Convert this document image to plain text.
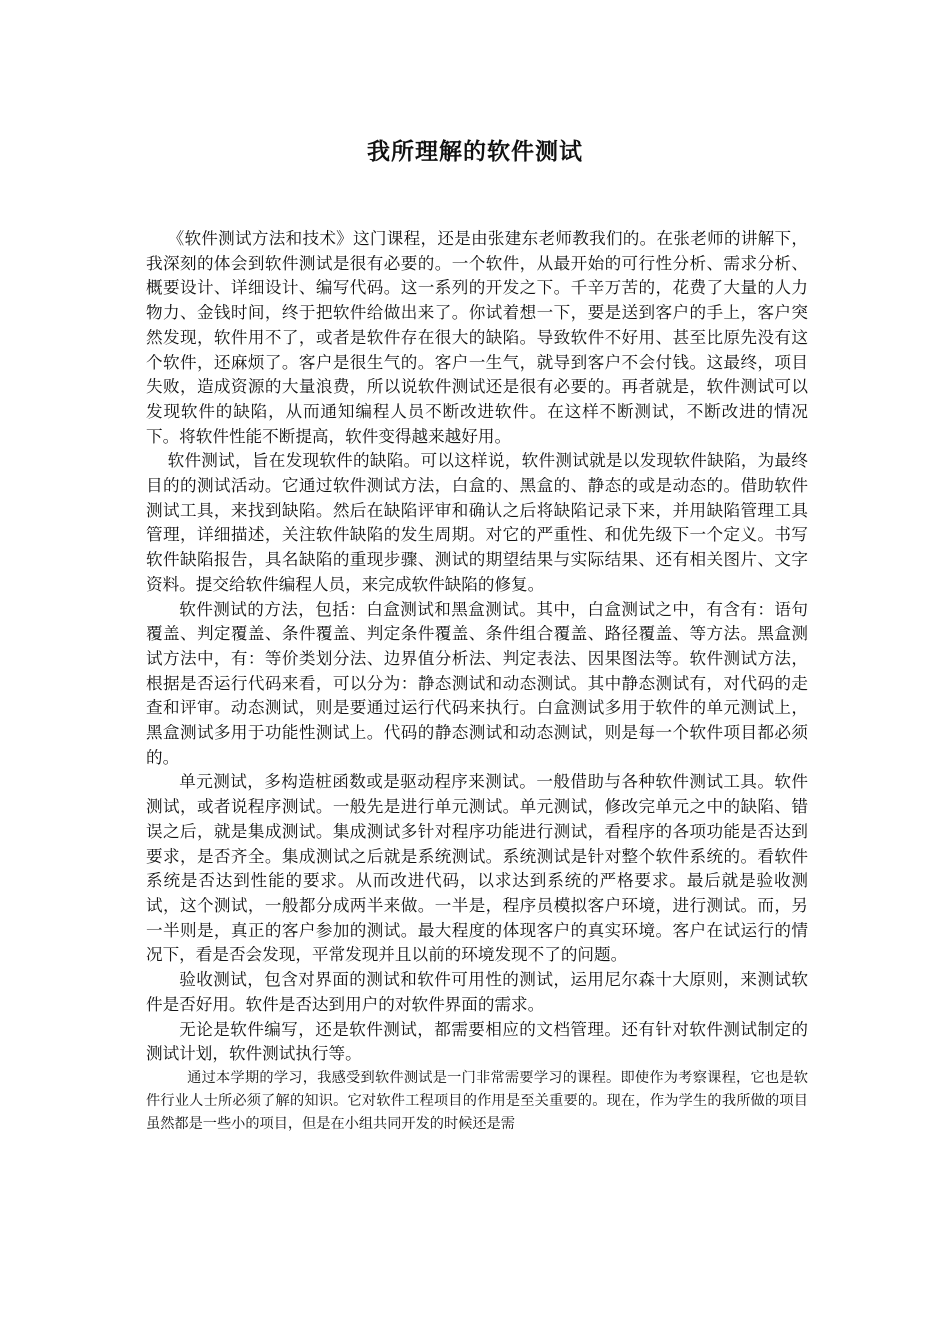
我所理解的软件测试

《软件测试方法和技术》这门课程，还是由张建东老师教我们的。在张老师的讲解下，我深刻的体会到软件测试是很有必要的。一个软件，从最开始的可行性分析、需求分析、概要设计、详细设计、编写代码。这一系列的开发之下。千辛万苦的，花费了大量的人力物力、金钱时间，终于把软件给做出来了。你试着想一下，要是送到客户的手上，客户突然发现，软件用不了，或者是软件存在很大的缺陷。导致软件不好用、甚至比原先没有这个软件，还麻烦了。客户是很生气的。客户一生气，就导到客户不会付钱。这最终，项目失败，造成资源的大量浪费，所以说软件测试还是很有必要的。再者就是，软件测试可以发现软件的缺陷，从而通知编程人员不断改进软件。在这样不断测试，不断改进的情况下。将软件性能不断提高，软件变得越来越好用。

软件测试，旨在发现软件的缺陷。可以这样说，软件测试就是以发现软件缺陷，为最终目的的测试活动。它通过软件测试方法，白盒的、黑盒的、静态的或是动态的。借助软件测试工具，来找到缺陷。然后在缺陷评审和确认之后将缺陷记录下来，并用缺陷管理工具管理，详细描述，关注软件缺陷的发生周期。对它的严重性、和优先级下一个定义。书写软件缺陷报告，具名缺陷的重现步骤、测试的期望结果与实际结果、还有相关图片、文字资料。提交给软件编程人员，来完成软件缺陷的修复。

软件测试的方法，包括：白盒测试和黑盒测试。其中，白盒测试之中，有含有：语句覆盖、判定覆盖、条件覆盖、判定条件覆盖、条件组合覆盖、路径覆盖、等方法。黑盒测试方法中，有：等价类划分法、边界值分析法、判定表法、因果图法等。软件测试方法，根据是否运行代码来看，可以分为：静态测试和动态测试。其中静态测试有，对代码的走查和评审。动态测试，则是要通过运行代码来执行。白盒测试多用于软件的单元测试上，黑盒测试多用于功能性测试上。代码的静态测试和动态测试，则是每一个软件项目都必须的。

单元测试，多构造桩函数或是驱动程序来测试。一般借助与各种软件测试工具。软件测试，或者说程序测试。一般先是进行单元测试。单元测试，修改完单元之中的缺陷、错误之后，就是集成测试。集成测试多针对程序功能进行测试，看程序的各项功能是否达到要求，是否齐全。集成测试之后就是系统测试。系统测试是针对整个软件系统的。看软件系统是否达到性能的要求。从而改进代码，以求达到系统的严格要求。最后就是验收测试，这个测试，一般都分成两半来做。一半是，程序员模拟客户环境，进行测试。而，另一半则是，真正的客户参加的测试。最大程度的体现客户的真实环境。客户在试运行的情况下，看是否会发现，平常发现并且以前的环境发现不了的问题。

验收测试，包含对界面的测试和软件可用性的测试，运用尼尔森十大原则，来测试软件是否好用。软件是否达到用户的对软件界面的需求。

无论是软件编写，还是软件测试，都需要相应的文档管理。还有针对软件测试制定的测试计划，软件测试执行等。

通过本学期的学习，我感受到软件测试是一门非常需要学习的课程。即使作为考察课程，它也是软件行业人士所必须了解的知识。它对软件工程项目的作用是至关重要的。现在，作为学生的我所做的项目虽然都是一些小的项目，但是在小组共同开发的时候还是需
